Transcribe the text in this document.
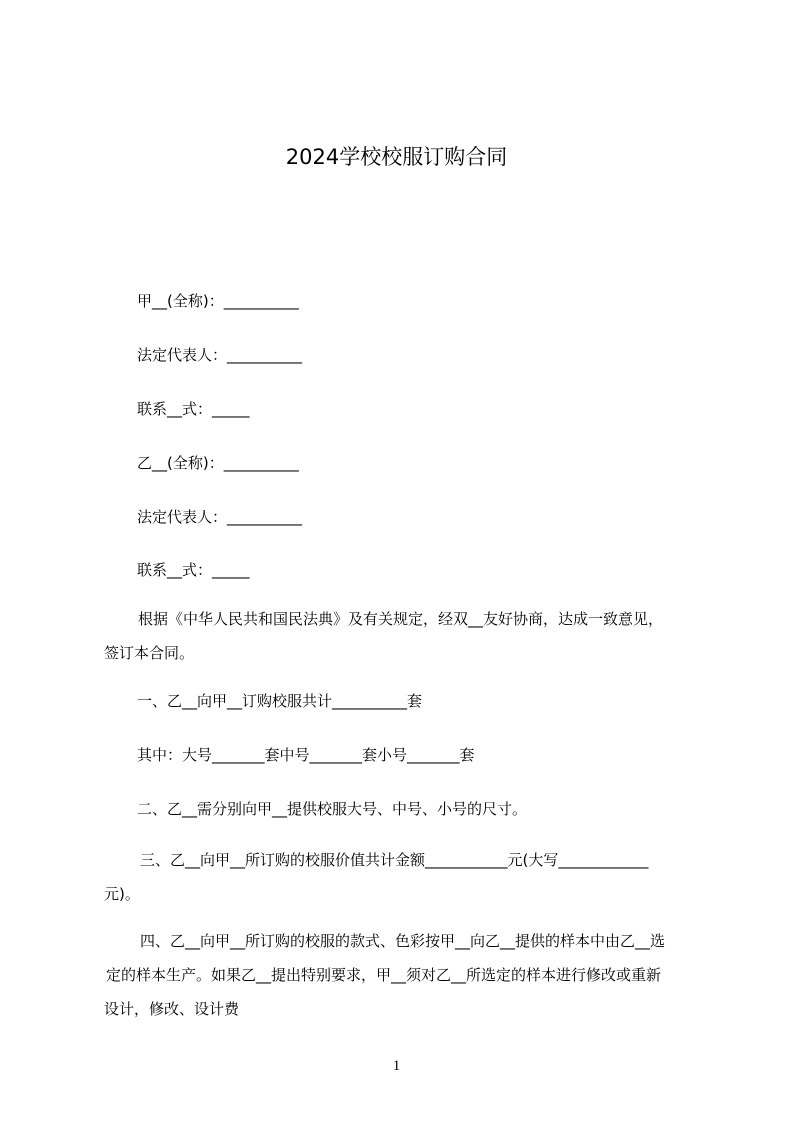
2024学校校服订购合同
甲__(全称)：__________
法定代表人：__________
联系__式：_____
乙__(全称)：__________
法定代表人：__________
联系__式：_____
根据《中华人民共和国民法典》及有关规定，经双__友好协商，达成一致意见，
签订本合同。
一、乙__向甲__订购校服共计__________套
其中：大号_______套中号_______套小号_______套
二、乙__需分别向甲__提供校服大号、中号、小号的尺寸。
三、乙__向甲__所订购的校服价值共计金额___________元(大写____________
元)。
四、乙__向甲__所订购的校服的款式、色彩按甲__向乙__提供的样本中由乙__选
定的样本生产。如果乙__提出特别要求，甲__须对乙__所选定的样本进行修改或重新
设计，修改、设计费
1
